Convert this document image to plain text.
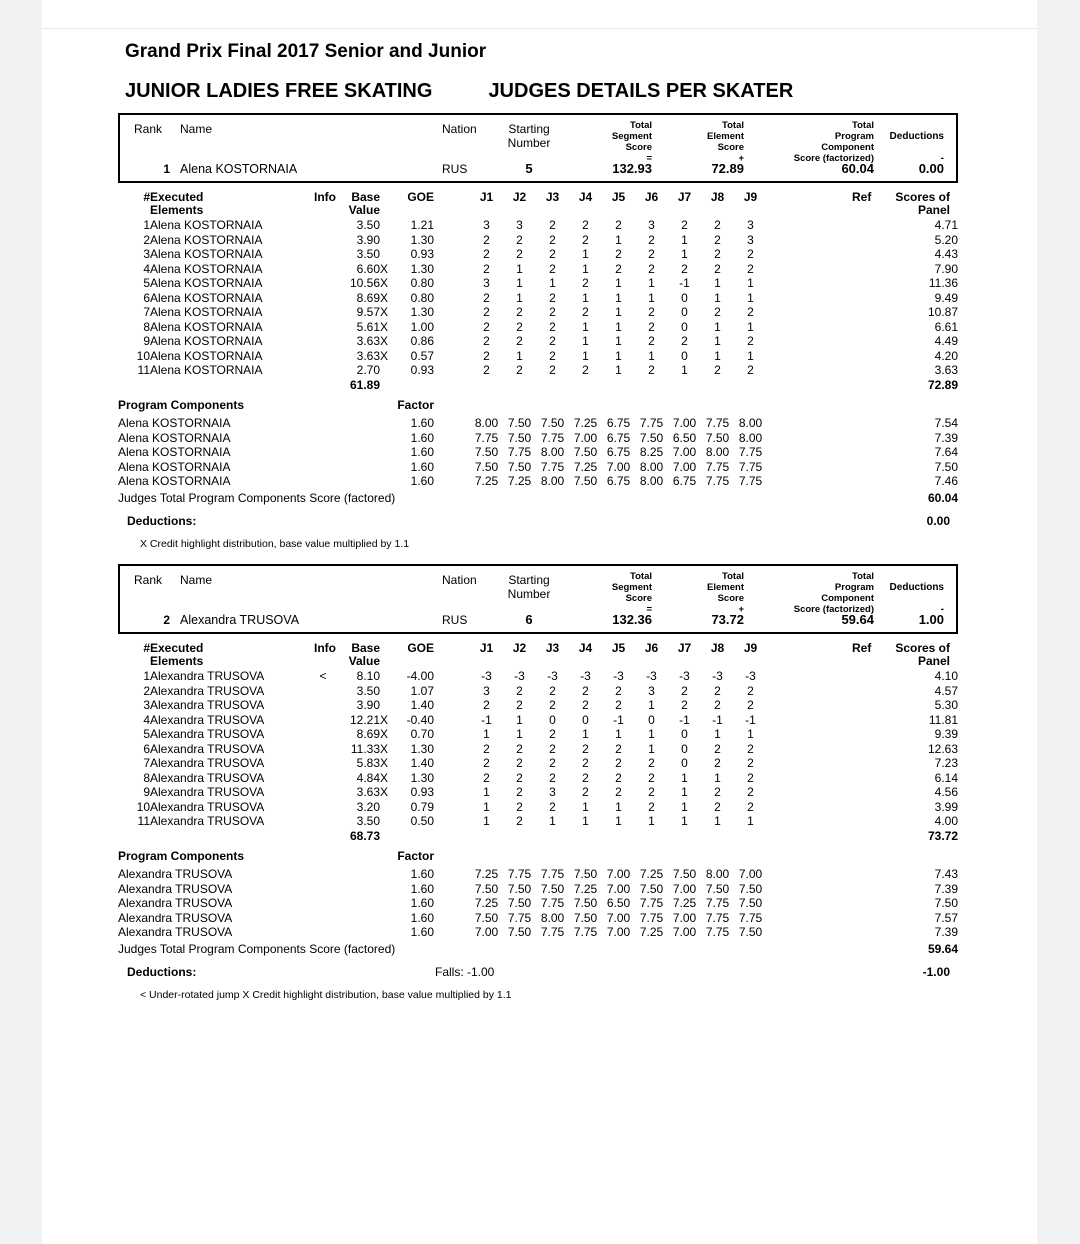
Grand Prix Final 2017 Senior and Junior
JUNIOR LADIES FREE SKATING	JUDGES DETAILS PER SKATER
Rank	Name	Nation	Starting
Number
Total
Segment
Score
=
Total
Element
Score
+
Total
Program
Component
Score (factorized)
Deductions
-
1 Alena KOSTORNAIA	RUS	5	132.93	72.89	60.04	0.00
#	Executed
Elements
	Info	Base
Value
		GOE		J1	J2	J3	J4	J5	J6	J7	J8	J9		Ref Scores of
Panel

1	Alena KOSTORNAIA		3.50		1.21		3	3	2	2	2	3	2	2	3		4.71
2	Alena KOSTORNAIA		3.90		1.30		2	2	2	2	1	2	1	2	3		5.20
3	Alena KOSTORNAIA		3.50		0.93		2	2	2	1	2	2	1	2	2		4.43
4	Alena KOSTORNAIA		6.60	X	1.30		2	1	2	1	2	2	2	2	2		7.90
5	Alena KOSTORNAIA		10.56	X	0.80		3	1	1	2	1	1	-1	1	1		11.36
6	Alena KOSTORNAIA		8.69	X	0.80		2	1	2	1	1	1	0	1	1		9.49
7	Alena KOSTORNAIA		9.57	X	1.30		2	2	2	2	1	2	0	2	2		10.87
8	Alena KOSTORNAIA		5.61	X	1.00		2	2	2	1	1	2	0	1	1		6.61
9	Alena KOSTORNAIA		3.63	X	0.86		2	2	2	1	1	2	2	1	2		4.49
10	Alena KOSTORNAIA		3.63	X	0.57		2	1	2	1	1	1	0	1	1		4.20
11	Alena KOSTORNAIA		2.70		0.93		2	2	2	2	1	2	1	2	2		3.63
			61.89														72.89

Program Components			Factor														
Alena KOSTORNAIA			1.60				8.00	7.50	7.50	7.25	6.75	7.75	7.00	7.75	8.00		7.54
Alena KOSTORNAIA			1.60				7.75	7.50	7.75	7.00	6.75	7.50	6.50	7.50	8.00		7.39
Alena KOSTORNAIA			1.60				7.50	7.75	8.00	7.50	6.75	8.25	7.00	8.00	7.75		7.64
Alena KOSTORNAIA			1.60				7.50	7.50	7.75	7.25	7.00	8.00	7.00	7.75	7.75		7.50
Alena KOSTORNAIA			1.60				7.25	7.25	8.00	7.50	6.75	8.00	6.75	7.75	7.75		7.46
Judges Total Program Components Score (factored)																	60.04
Deductions:	0.00
X Credit highlight distribution, base value multiplied by 1.1
Rank	Name	Nation	Starting
Number
Total
Segment
Score
=
Total
Element
Score
+
Total
Program
Component
Score (factorized)
Deductions
-
2 Alexandra TRUSOVA	RUS	6	132.36	73.72	59.64	1.00
#	Executed
Elements
	Info	Base
Value
		GOE		J1	J2	J3	J4	J5	J6	J7	J8	J9		Ref Scores of
Panel

1	Alexandra TRUSOVA	<	8.10		-4.00		-3	-3	-3	-3	-3	-3	-3	-3	-3		4.10
2	Alexandra TRUSOVA		3.50		1.07		3	2	2	2	2	3	2	2	2		4.57
3	Alexandra TRUSOVA		3.90		1.40		2	2	2	2	2	1	2	2	2		5.30
4	Alexandra TRUSOVA		12.21	X	-0.40		-1	1	0	0	-1	0	-1	-1	-1		11.81
5	Alexandra TRUSOVA		8.69	X	0.70		1	1	2	1	1	1	0	1	1		9.39
6	Alexandra TRUSOVA		11.33	X	1.30		2	2	2	2	2	1	0	2	2		12.63
7	Alexandra TRUSOVA		5.83	X	1.40		2	2	2	2	2	2	0	2	2		7.23
8	Alexandra TRUSOVA		4.84	X	1.30		2	2	2	2	2	2	1	1	2		6.14
9	Alexandra TRUSOVA		3.63	X	0.93		1	2	3	2	2	2	1	2	2		4.56
10	Alexandra TRUSOVA		3.20		0.79		1	2	2	1	1	2	1	2	2		3.99
11	Alexandra TRUSOVA		3.50		0.50		1	2	1	1	1	1	1	1	1		4.00
			68.73														73.72

Program Components			Factor														
Alexandra TRUSOVA			1.60				7.25	7.75	7.75	7.50	7.00	7.25	7.50	8.00	7.00		7.43
Alexandra TRUSOVA			1.60				7.50	7.50	7.50	7.25	7.00	7.50	7.00	7.50	7.50		7.39
Alexandra TRUSOVA			1.60				7.25	7.50	7.75	7.50	6.50	7.75	7.25	7.75	7.50		7.50
Alexandra TRUSOVA			1.60				7.50	7.75	8.00	7.50	7.00	7.75	7.00	7.75	7.75		7.57
Alexandra TRUSOVA			1.60				7.00	7.50	7.75	7.75	7.00	7.25	7.00	7.75	7.50		7.39
Judges Total Program Components Score (factored)																	59.64
Deductions:	Falls: -1.00	-1.00
< Under-rotated jump X Credit highlight distribution, base value multiplied by 1.1
